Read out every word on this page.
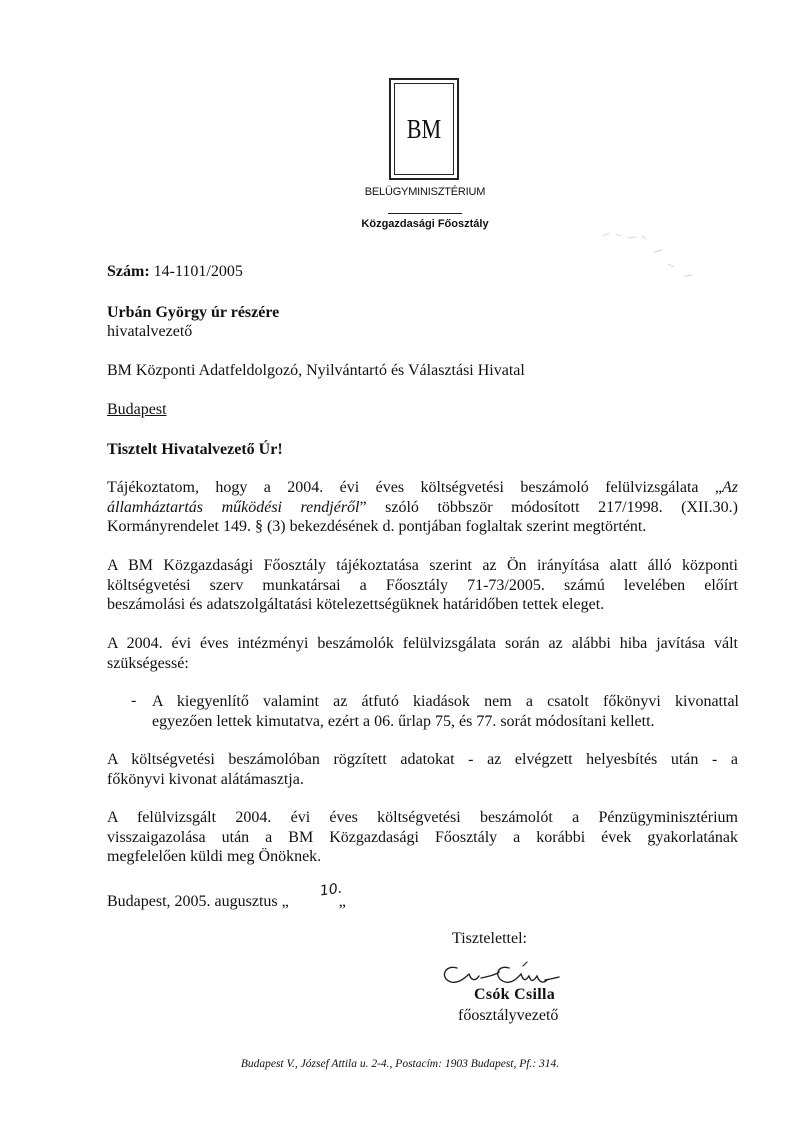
BM
BELÜGYMINISZTÉRIUM
Közgazdasági Főosztály
Szám: 14-1101/2005
Urbán György úr részére
hivatalvezető
BM Központi Adatfeldolgozó, Nyilvántartó és Választási Hivatal
Budapest
Tisztelt Hivatalvezető Úr!
Tájékoztatom, hogy a 2004. évi éves költségvetési beszámoló felülvizsgálata „Az
államháztartás működési rendjéről” szóló többször módosított 217/1998. (XII.30.)
Kormányrendelet 149. § (3) bekezdésének d. pontjában foglaltak szerint megtörtént.
A BM Közgazdasági Főosztály tájékoztatása szerint az Ön irányítása alatt álló központi
költségvetési szerv munkatársai a Főosztály 71-73/2005. számú levelében előírt
beszámolási és adatszolgáltatási kötelezettségüknek határidőben tettek eleget.
A 2004. évi éves intézményi beszámolók felülvizsgálata során az alábbi hiba javítása vált
szükségessé:
- A kiegyenlítő valamint az átfutó kiadások nem a csatolt főkönyvi kivonattal
egyezően lettek kimutatva, ezért a 06. űrlap 75, és 77. sorát módosítani kellett.
A költségvetési beszámolóban rögzített adatokat - az elvégzett helyesbítés után - a
főkönyvi kivonat alátámasztja.
A felülvizsgált 2004. évi éves költségvetési beszámolót a Pénzügyminisztérium
visszaigazolása után a BM Közgazdasági Főosztály a korábbi évek gyakorlatának
megfelelően küldi meg Önöknek.
Budapest, 2005. augusztus „	„
10.
Tisztelettel:
Csók Csilla
főosztályvezető
Budapest V., József Attila u. 2-4., Postacím: 1903 Budapest, Pf.: 314.
